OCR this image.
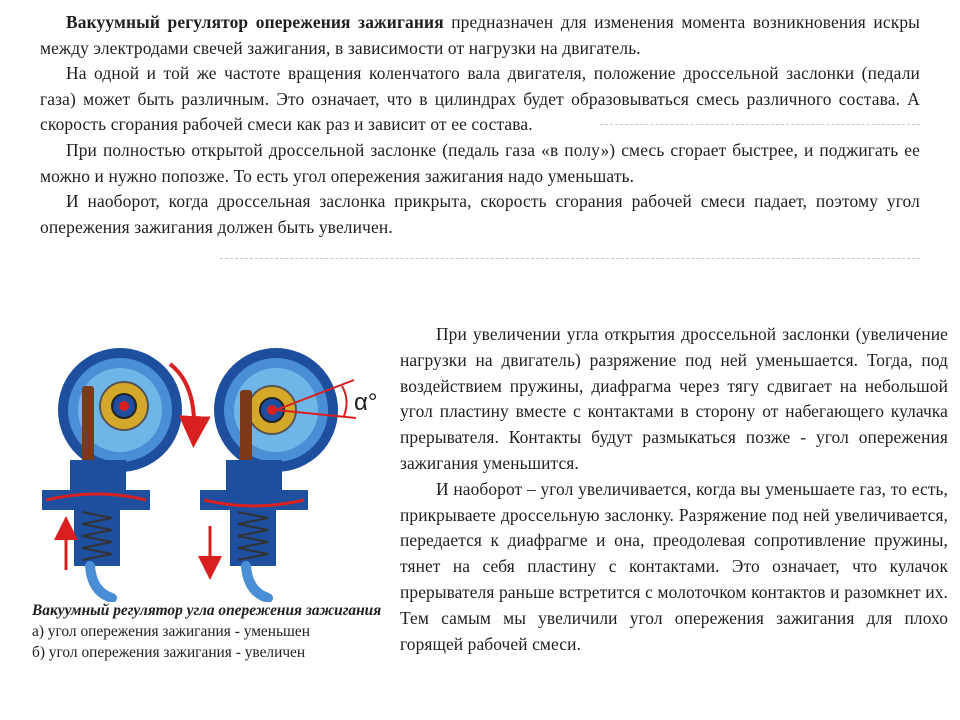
Вакуумный регулятор опережения зажигания предназначен для изменения момента возникновения искры между электродами свечей зажигания, в зависимости от нагрузки на двигатель.

На одной и той же частоте вращения коленчатого вала двигателя, положение дроссельной заслонки (педали газа) может быть различным. Это означает, что в цилиндрах будет образовываться смесь различного состава. А скорость сгорания рабочей смеси как раз и зависит от ее состава.

При полностью открытой дроссельной заслонке (педаль газа «в полу») смесь сгорает быстрее, и поджигать ее можно и нужно попозже. То есть угол опережения зажигания надо уменьшать.

И наоборот, когда дроссельная заслонка прикрыта, скорость сгорания рабочей смеси падает, поэтому угол опережения зажигания должен быть увеличен.

α°
Вакуумный регулятор угла опережения зажигания
а) угол опережения зажигания - уменьшен
б) угол опережения зажигания - увеличен

При увеличении угла открытия дроссельной заслонки (увеличение нагрузки на двигатель) разряжение под ней уменьшается. Тогда, под воздействием пружины, диафрагма через тягу сдвигает на небольшой угол пластину вместе с контактами в сторону от набегающего кулачка прерывателя. Контакты будут размыкаться позже - угол опережения зажигания уменьшится.

И наоборот – угол увеличивается, когда вы уменьшаете газ, то есть, прикрываете дроссельную заслонку. Разряжение под ней увеличивается, передается к диафрагме и она, преодолевая сопротивление пружины, тянет на себя пластину с контактами. Это означает, что кулачок прерывателя раньше встретится с молоточком контактов и разомкнет их. Тем самым мы увеличили угол опережения зажигания для плохо горящей рабочей смеси.
